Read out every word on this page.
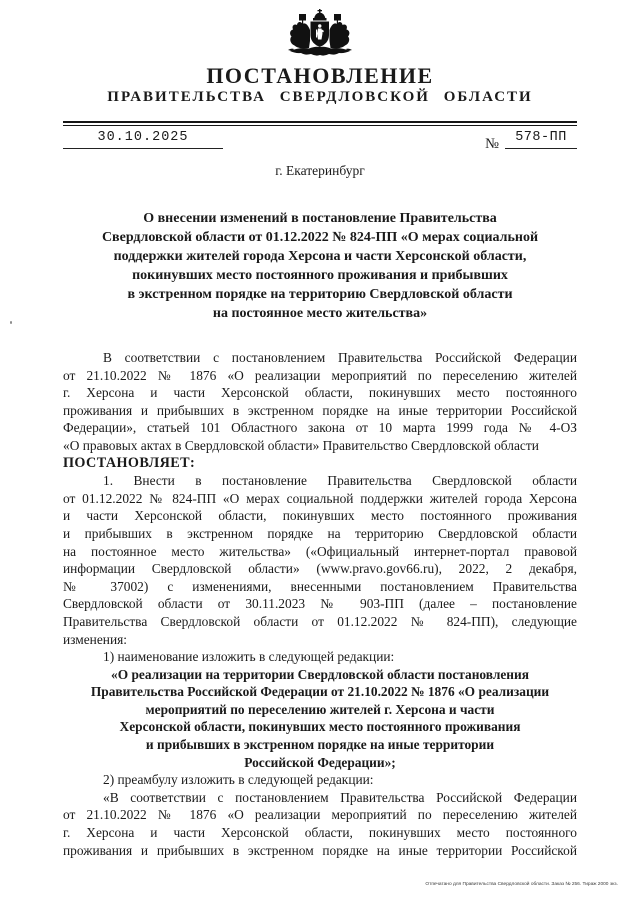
ПОСТАНОВЛЕНИЕ
ПРАВИТЕЛЬСТВА СВЕРДЛОВСКОЙ ОБЛАСТИ
30.10.2025	№	578-ПП
г. Екатеринбург
О внесении изменений в постановление Правительства
Свердловской области от 01.12.2022 № 824-ПП «О мерах социальной
поддержки жителей города Херсона и части Херсонской области,
покинувших место постоянного проживания и прибывших
в экстренном порядке на территорию Свердловской области
на постоянное место жительства»
В соответствии с постановлением Правительства Российской Федерации
от 21.10.2022 № 1876 «О реализации мероприятий по переселению жителей
г. Херсона и части Херсонской области, покинувших место постоянного
проживания и прибывших в экстренном порядке на иные территории Российской
Федерации», статьей 101 Областного закона от 10 марта 1999 года № 4-ОЗ
«О правовых актах в Свердловской области» Правительство Свердловской области
ПОСТАНОВЛЯЕТ:
1. Внести в постановление Правительства Свердловской области
от 01.12.2022 № 824-ПП «О мерах социальной поддержки жителей города Херсона
и части Херсонской области, покинувших место постоянного проживания
и прибывших в экстренном порядке на территорию Свердловской области
на постоянное место жительства» («Официальный интернет-портал правовой
информации Свердловской области» (www.pravo.gov66.ru), 2022, 2 декабря,
№ 37002) с изменениями, внесенными постановлением Правительства
Свердловской области от 30.11.2023 № 903-ПП (далее – постановление
Правительства Свердловской области от 01.12.2022 № 824-ПП), следующие
изменения:
1) наименование изложить в следующей редакции:
«О реализации на территории Свердловской области постановления
Правительства Российской Федерации от 21.10.2022 № 1876 «О реализации
мероприятий по переселению жителей г. Херсона и части
Херсонской области, покинувших место постоянного проживания
и прибывших в экстренном порядке на иные территории
Российской Федерации»;
2) преамбулу изложить в следующей редакции:
«В соответствии с постановлением Правительства Российской Федерации
от 21.10.2022 № 1876 «О реализации мероприятий по переселению жителей
г. Херсона и части Херсонской области, покинувших место постоянного
проживания и прибывших в экстренном порядке на иные территории Российской
Отпечатано для Правительства Свердловской области. Заказ № 256. Тираж 2000 экз.
